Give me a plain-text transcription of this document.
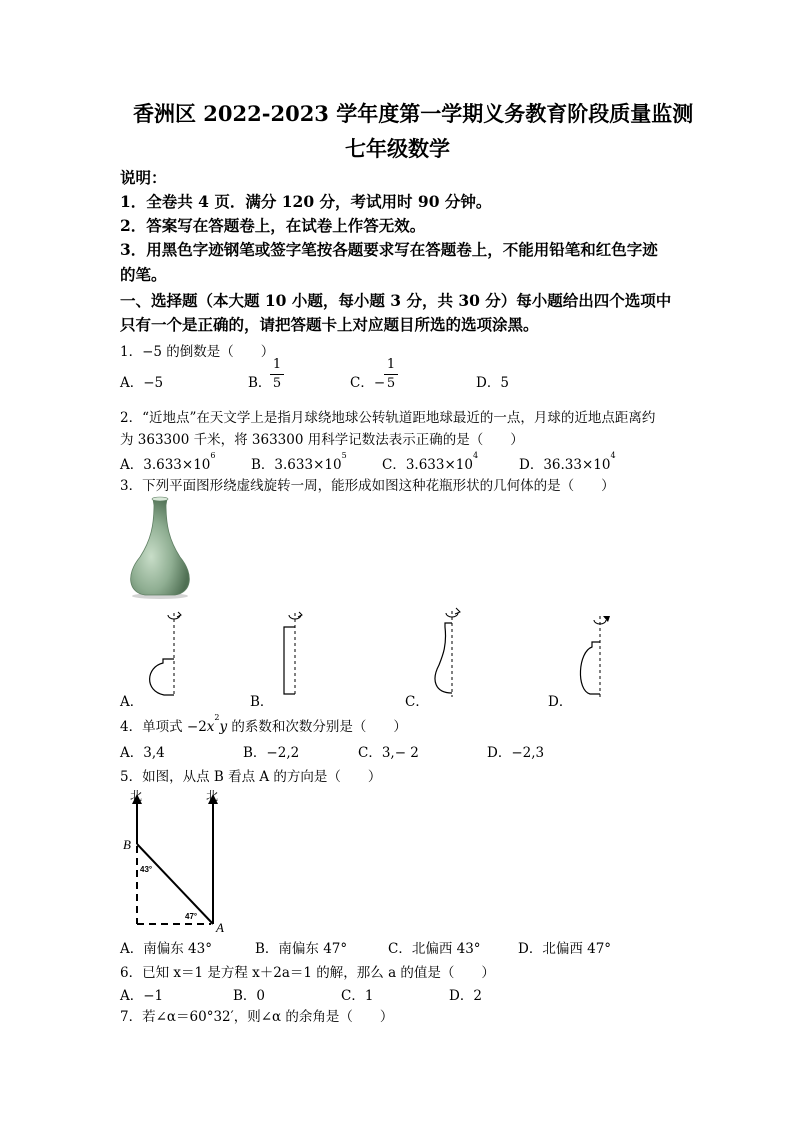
香洲区 2022-2023 学年度第一学期义务教育阶段质量监测
七年级数学
说明：
1．全卷共 4 页．满分 120 分，考试用时 90 分钟。
2．答案写在答题卷上，在试卷上作答无效。
3．用黑色字迹钢笔或签字笔按各题要求写在答题卷上，不能用铅笔和红色字迹
的笔。
一、选择题（本大题 10 小题，每小题 3 分，共 30 分）每小题给出四个选项中
只有一个是正确的，请把答题卡上对应题目所选的选项涂黑。
1．−5 的倒数是（　　）
A．−5	B．
1
5	C．−
1
5	D．5
2．“近地点”在天文学上是指月球绕地球公转轨道距地球最近的一点，月球的近地点距离约
为 363300 千米，将 363300 用科学记数法表示正确的是（　　）
A．$3.633\times 10^6$
B．$3.633\times 10^5$
C．$3.633\times 10^4$
D．$36.33\times 10^4$
3．下列平面图形绕虚线旋转一周，能形成如图这种花瓶形状的几何体的是（　　）
A．	B．	C．	D．
4．单项式 $-2x^2y$ 的系数和次数分别是（　　）
A．3,4	B．−2,2	C．3,− 2	D．−2,3
5．如图，从点 B 看点 A 的方向是（　　）
北	北
B
A
43°
47°
A．南偏东 43°	B．南偏东 47°	C．北偏西 43°	D．北偏西 47°
6．已知 x＝1 是方程 x＋2a＝1 的解，那么 a 的值是（　　）
A．−1	B．0	C．1	D．2
7．若∠α＝60°32′，则∠α 的余角是（　　）
